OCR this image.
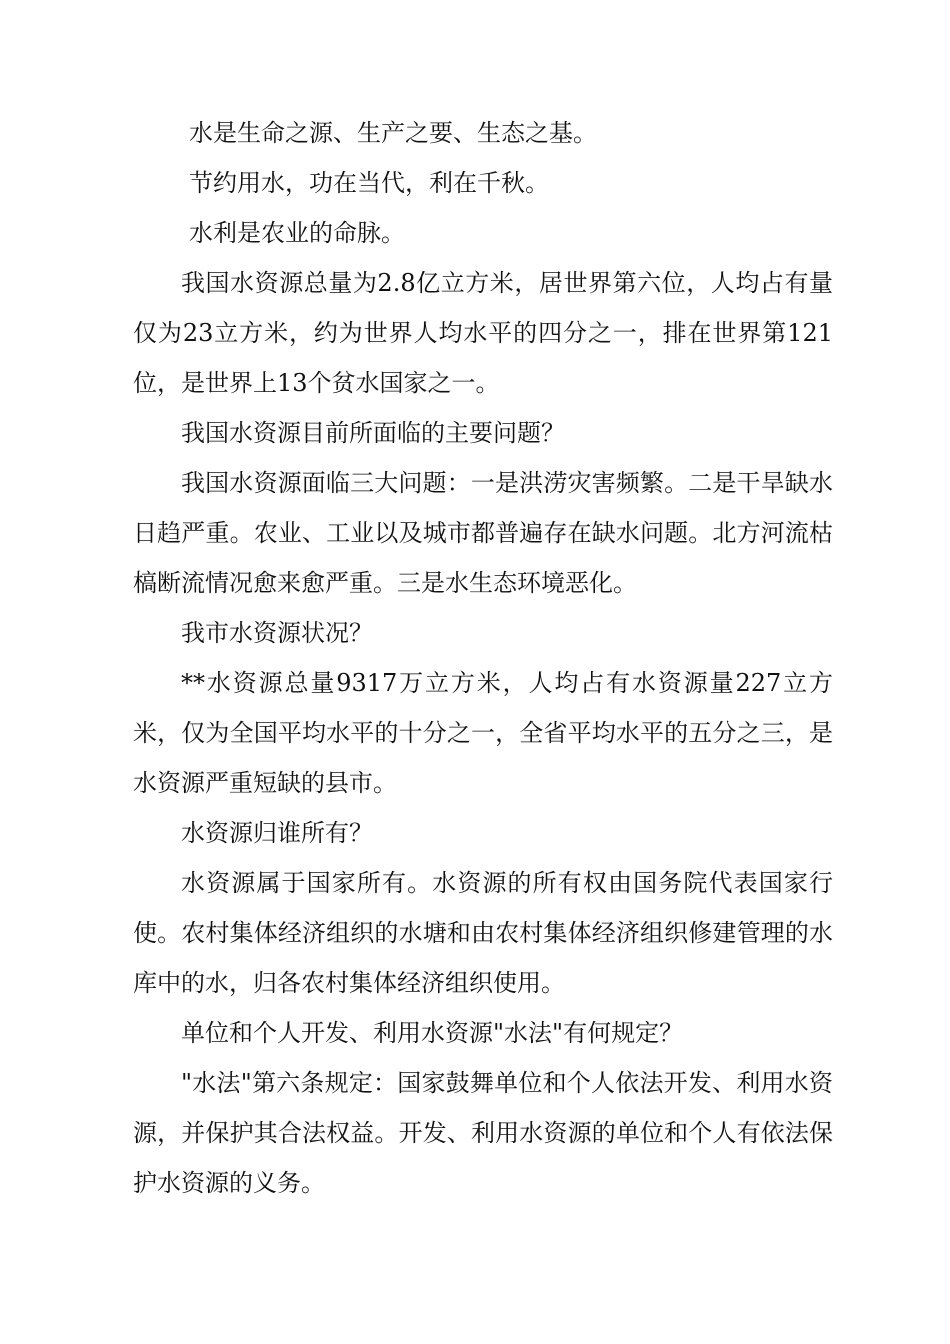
水是生命之源、生产之要、生态之基。

节约用水，功在当代，利在千秋。

水利是农业的命脉。

我国水资源总量为2.8亿立方米，居世界第六位，人均占有量仅为23立方米，约为世界人均水平的四分之一，排在世界第121位，是世界上13个贫水国家之一。

我国水资源目前所面临的主要问题？

我国水资源面临三大问题：一是洪涝灾害频繁。二是干旱缺水日趋严重。农业、工业以及城市都普遍存在缺水问题。北方河流枯槁断流情况愈来愈严重。三是水生态环境恶化。

我市水资源状况？

**水资源总量9317万立方米，人均占有水资源量227立方米，仅为全国平均水平的十分之一，全省平均水平的五分之三，是水资源严重短缺的县市。

水资源归谁所有？

水资源属于国家所有。水资源的所有权由国务院代表国家行使。农村集体经济组织的水塘和由农村集体经济组织修建管理的水库中的水，归各农村集体经济组织使用。

单位和个人开发、利用水资源"水法"有何规定？

"水法"第六条规定：国家鼓舞单位和个人依法开发、利用水资源，并保护其合法权益。开发、利用水资源的单位和个人有依法保护水资源的义务。
